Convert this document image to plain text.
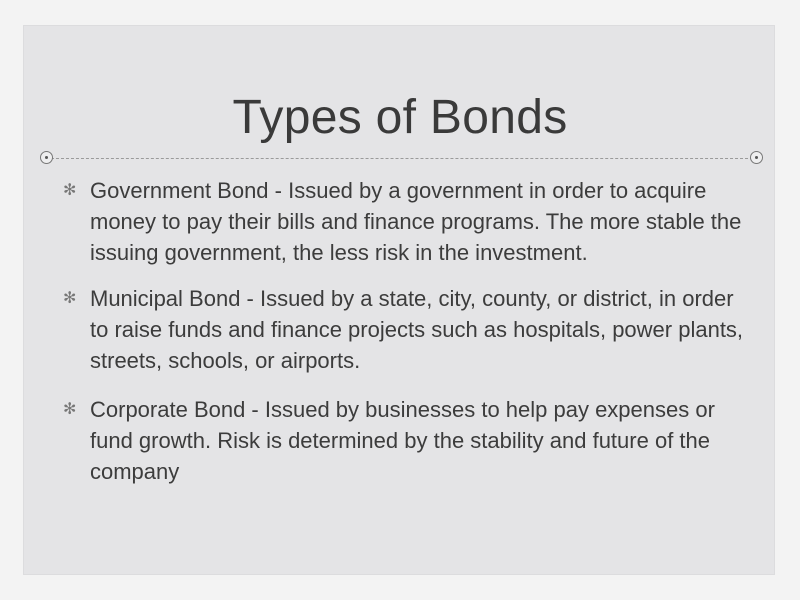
Types of Bonds
✻ Government Bond - Issued by a government in order to acquire money to pay their bills and finance programs. The more stable the issuing government, the less risk in the investment.
✻ Municipal Bond - Issued by a state, city, county, or district, in order to raise funds and finance projects such as hospitals, power plants, streets, schools, or airports.
✻ Corporate Bond - Issued by businesses to help pay expenses or fund growth. Risk is determined by the stability and future of the company
